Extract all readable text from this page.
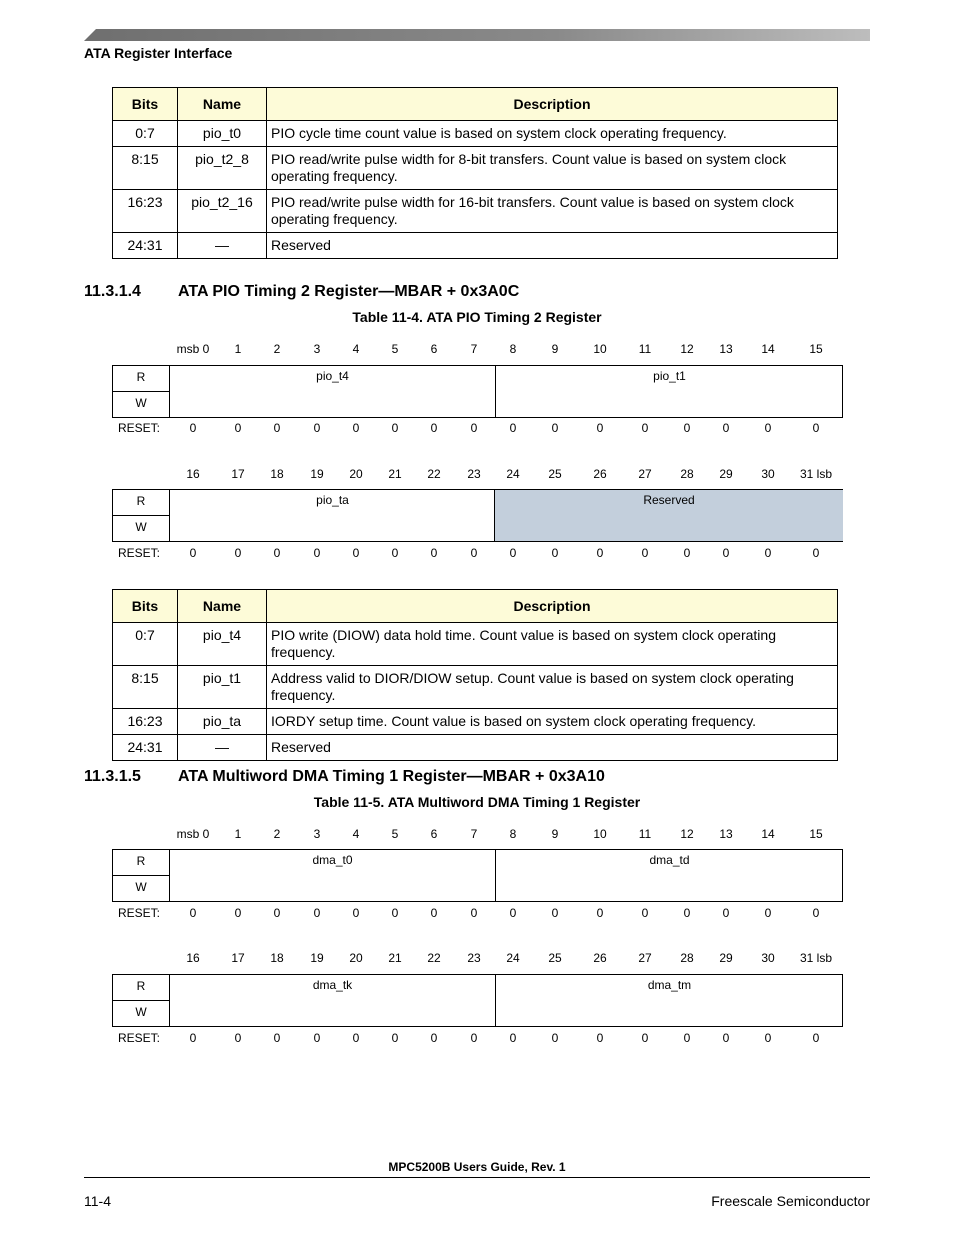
ATA Register Interface
Bits	Name	Description
0:7	pio_t0	PIO cycle time count value is based on system clock operating frequency.
8:15	pio_t2_8	PIO read/write pulse width for 8-bit transfers. Count value is based on system clock operating frequency.
16:23	pio_t2_16	PIO read/write pulse width for 16-bit transfers. Count value is based on system clock operating frequency.
24:31	—	Reserved
11.3.1.4 ATA PIO Timing 2 Register—MBAR + 0x3A0C
Table 11-4. ATA PIO Timing 2 Register
msb 0 1	2	3	4	5	6	7	8	9	10	11 12 13 14	15
R
W
pio_t4	pio_t1
RESET: 0	0	0	0	0	0	0	0	0	0	0	0	0	0	0	0
16	17 18 19 20 21 22 23 24 25	26	27 28 29 30 31 lsb
R
W
pio_ta	Reserved
RESET: 0	0	0	0	0	0	0	0	0	0	0	0	0	0	0	0
Bits	Name	Description
0:7	pio_t4	PIO write (DIOW) data hold time. Count value is based on system clock operating frequency.
8:15	pio_t1	Address valid to DIOR/DIOW setup. Count value is based on system clock operating frequency.
16:23	pio_ta	IORDY setup time. Count value is based on system clock operating frequency.
24:31	—	Reserved
11.3.1.5 ATA Multiword DMA Timing 1 Register—MBAR + 0x3A10
Table 11-5. ATA Multiword DMA Timing 1 Register
msb 0 1	2	3	4	5	6	7	8	9	10	11 12 13 14	15
R
W
dma_t0	dma_td
RESET: 0	0	0	0	0	0	0	0	0	0	0	0	0	0	0	0
16	17 18 19 20 21 22 23 24 25	26	27 28 29 30 31 lsb
R
W
dma_tk	dma_tm
RESET: 0	0	0	0	0	0	0	0	0	0	0	0	0	0	0	0
MPC5200B Users Guide, Rev. 1
11-4	Freescale Semiconductor
